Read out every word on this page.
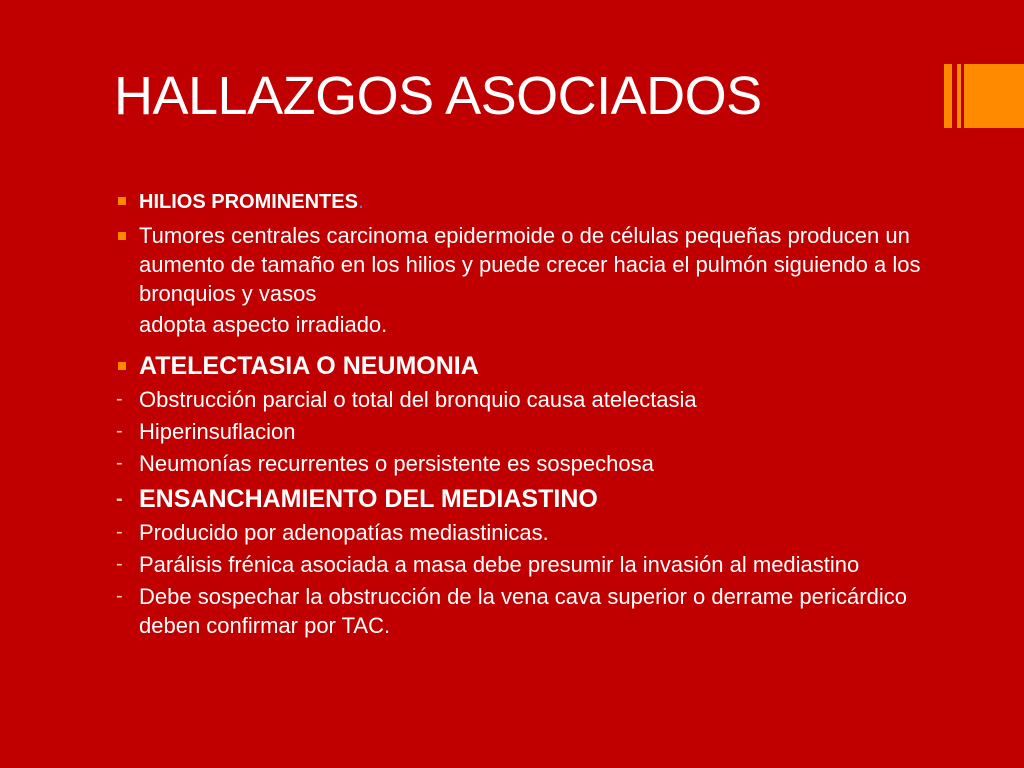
HALLAZGOS ASOCIADOS
HILIOS PROMINENTES.
Tumores centrales carcinoma epidermoide o de células pequeñas producen un aumento de tamaño en los hilios y puede crecer hacia el pulmón siguiendo a los bronquios y vasos
adopta aspecto irradiado.
ATELECTASIA O NEUMONIA
- Obstrucción parcial o total del bronquio causa atelectasia
- Hiperinsuflacion
- Neumonías recurrentes o persistente es sospechosa
- ENSANCHAMIENTO DEL MEDIASTINO
- Producido por adenopatías mediastinicas.
- Parálisis frénica asociada a masa debe presumir la invasión al mediastino
- Debe sospechar la obstrucción de la vena cava superior o derrame pericárdico deben confirmar por TAC.
